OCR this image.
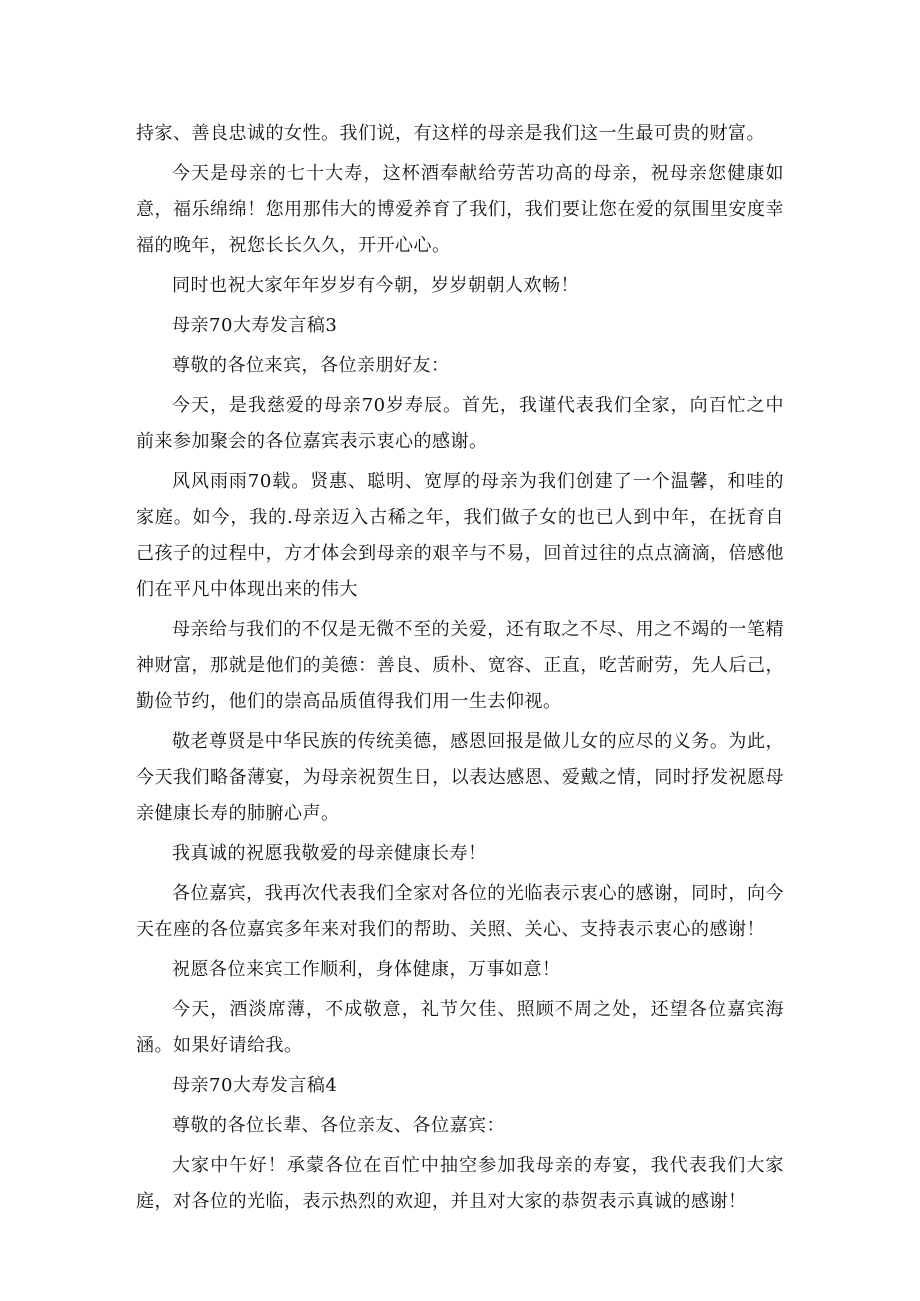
持家、善良忠诚的女性。我们说，有这样的母亲是我们这一生最可贵的财富。

今天是母亲的七十大寿，这杯酒奉献给劳苦功高的母亲，祝母亲您健康如意，福乐绵绵！您用那伟大的博爱养育了我们，我们要让您在爱的氛围里安度幸福的晚年，祝您长长久久，开开心心。

同时也祝大家年年岁岁有今朝，岁岁朝朝人欢畅！

母亲70大寿发言稿3

尊敬的各位来宾，各位亲朋好友：

今天，是我慈爱的母亲70岁寿辰。首先，我谨代表我们全家，向百忙之中前来参加聚会的各位嘉宾表示衷心的感谢。

风风雨雨70载。贤惠、聪明、宽厚的母亲为我们创建了一个温馨，和哇的家庭。如今，我的.母亲迈入古稀之年，我们做子女的也已人到中年，在抚育自己孩子的过程中，方才体会到母亲的艰辛与不易，回首过往的点点滴滴，倍感他们在平凡中体现出来的伟大

母亲给与我们的不仅是无微不至的关爱，还有取之不尽、用之不竭的一笔精神财富，那就是他们的美德：善良、质朴、宽容、正直，吃苦耐劳，先人后己，勤俭节约，他们的崇高品质值得我们用一生去仰视。

敬老尊贤是中华民族的传统美德，感恩回报是做儿女的应尽的义务。为此，今天我们略备薄宴，为母亲祝贺生日，以表达感恩、爱戴之情，同时抒发祝愿母亲健康长寿的肺腑心声。

我真诚的祝愿我敬爱的母亲健康长寿！

各位嘉宾，我再次代表我们全家对各位的光临表示衷心的感谢，同时，向今天在座的各位嘉宾多年来对我们的帮助、关照、关心、支持表示衷心的感谢！

祝愿各位来宾工作顺利，身体健康，万事如意！

今天，酒淡席薄，不成敬意，礼节欠佳、照顾不周之处，还望各位嘉宾海涵。如果好请给我。

母亲70大寿发言稿4

尊敬的各位长辈、各位亲友、各位嘉宾：

大家中午好！承蒙各位在百忙中抽空参加我母亲的寿宴，我代表我们大家庭，对各位的光临，表示热烈的欢迎，并且对大家的恭贺表示真诚的感谢！
